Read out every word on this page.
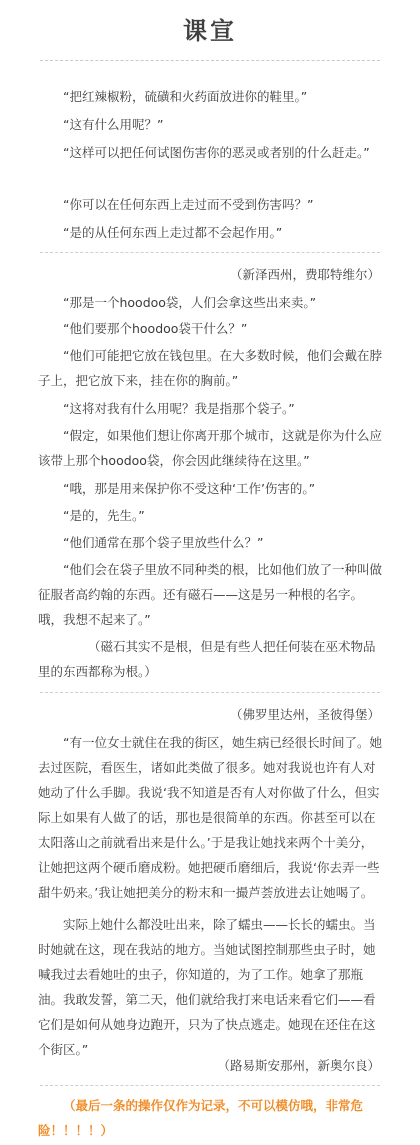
课宣

“把红辣椒粉，硫磺和火药面放进你的鞋里。”

“这有什么用呢？”

“这样可以把任何试图伤害你的恶灵或者别的什么赶走。”

“你可以在任何东西上走过而不受到伤害吗？”

“是的从任何东西上走过都不会起作用。”

（新泽西州，费耶特维尔）

“那是一个hoodoo袋，人们会拿这些出来卖。”

“他们要那个hoodoo袋干什么？”

“他们可能把它放在钱包里。在大多数时候，他们会戴在脖子上，把它放下来，挂在你的胸前。”

“这将对我有什么用呢？我是指那个袋子。”

“假定，如果他们想让你离开那个城市，这就是你为什么应该带上那个hoodoo袋，你会因此继续待在这里。”

“哦，那是用来保护你不受这种‘工作’伤害的。”

“是的，先生。”

“他们通常在那个袋子里放些什么？”

“他们会在袋子里放不同种类的根，比如他们放了一种叫做征服者高约翰的东西。还有磁石——这是另一种根的名字。哦，我想不起来了。”

（磁石其实不是根，但是有些人把任何装在巫术物品里的东西都称为根。）

（佛罗里达州，圣彼得堡）

“有一位女士就住在我的街区，她生病已经很长时间了。她去过医院，看医生，诸如此类做了很多。她对我说也许有人对她动了什么手脚。我说‘我不知道是否有人对你做了什么，但实际上如果有人做了的话，那也是很简单的东西。你甚至可以在太阳落山之前就看出来是什么。’于是我让她找来两个十美分，让她把这两个硬币磨成粉。她把硬币磨细后，我说‘你去弄一些甜牛奶来。’我让她把美分的粉末和一撮芦荟放进去让她喝了。

实际上她什么都没吐出来，除了蠕虫——长长的蠕虫。当时她就在这，现在我站的地方。当她试图控制那些虫子时，她喊我过去看她吐的虫子，你知道的，为了工作。她拿了那瓶油。我敢发誓，第二天，他们就给我打来电话来看它们——看它们是如何从她身边跑开，只为了快点逃走。她现在还住在这个街区。”

（路易斯安那州，新奥尔良）

（最后一条的操作仅作为记录，不可以模仿哦，非常危险！！！！）
